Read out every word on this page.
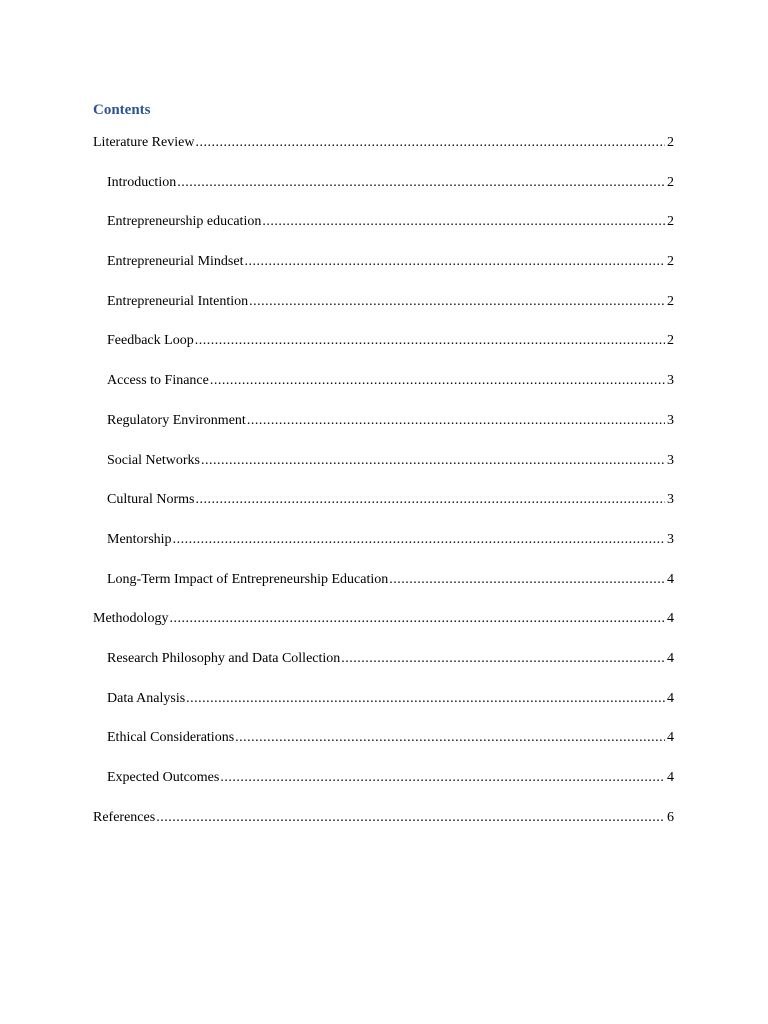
Contents
Literature Review .....	2
Introduction .....	2
Entrepreneurship education .....	2
Entrepreneurial Mindset .....	2
Entrepreneurial Intention .....	2
Feedback Loop .....	2
Access to Finance .....	3
Regulatory Environment .....	3
Social Networks .....	3
Cultural Norms .....	3
Mentorship .....	3
Long-Term Impact of Entrepreneurship Education .....	4
Methodology .....	4
Research Philosophy and Data Collection .....	4
Data Analysis .....	4
Ethical Considerations .....	4
Expected Outcomes .....	4
References .....	6
